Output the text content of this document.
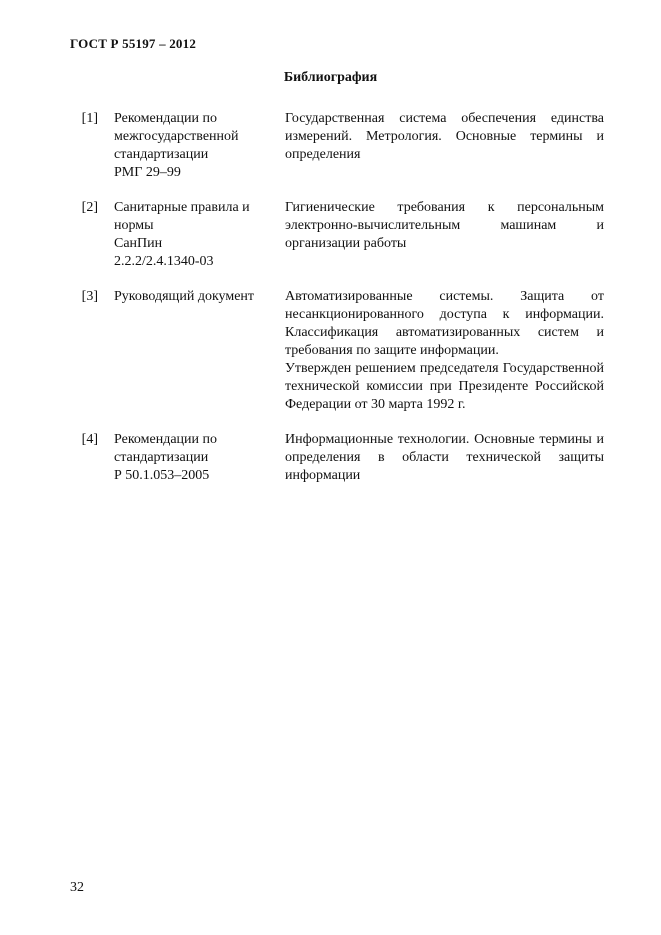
ГОСТ Р 55197 – 2012
Библиография
[1] Рекомендации по
межгосударственной
стандартизации
РМГ 29–99

Государственная система обеспечения единства измерений. Метрология. Основные термины и определения

[2] Санитарные правила и
нормы
СанПин
2.2.2/2.4.1340-03

Гигиенические требования к персональным электронно-вычислительным машинам и организации работы

[3] Руководящий документ	Автоматизированные системы. Защита от несанкционированного доступа к информации. Классификация автоматизированных систем и требования по защите информации.

Утвержден решением председателя Государственной технической комиссии при Президенте Российской Федерации от 30 марта 1992 г.

[4] Рекомендации по
стандартизации
Р 50.1.053–2005

Информационные технологии. Основные термины и определения в области технической защиты информации

32
